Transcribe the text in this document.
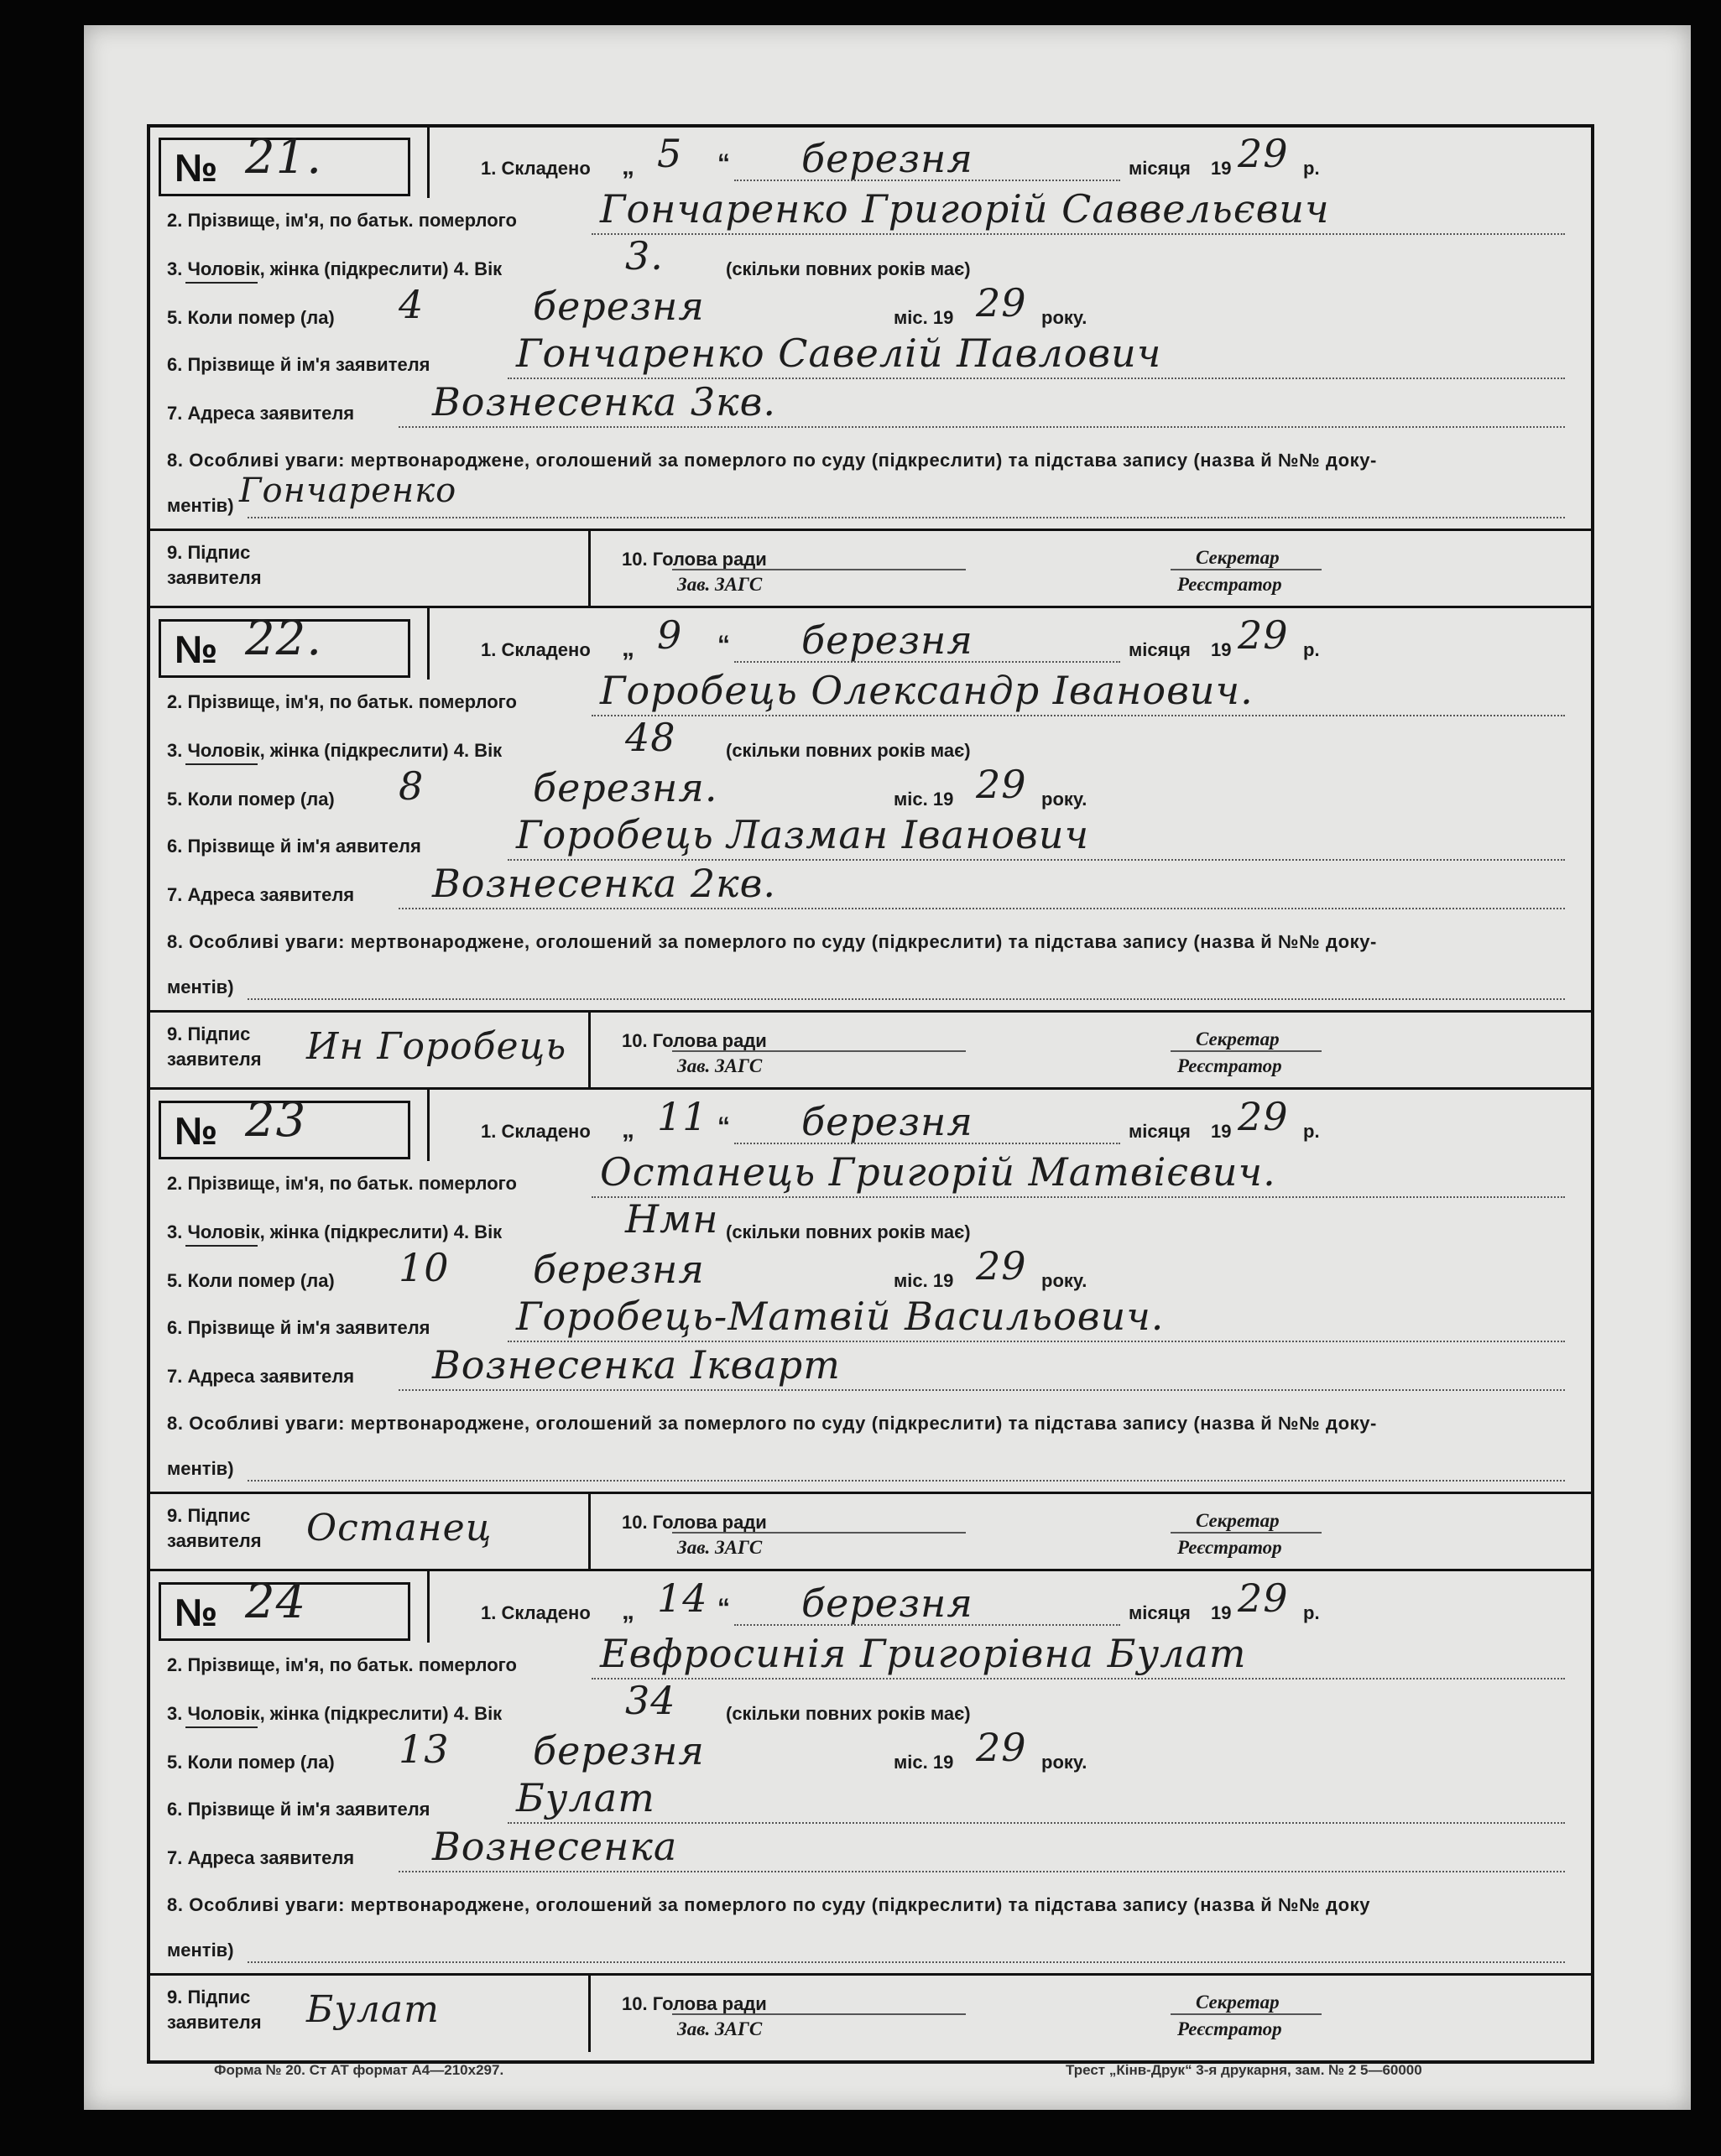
№ 21.	1. Складено „ 5 “ березня	місяця 19 29 р.
2. Прізвище, ім'я, по батьк. померлого Гончаренко Григорій Саввельєвич
3. Чоловік, жінка (підкреслити) 4. Вік	3.	(скільки повних років має)
5. Коли помер (ла) 4	березня	міс. 19 29 року.
6. Прізвище й ім'я заявителя Гончаренко Савелій Павлович
7. Адреса заявителя Вознесенка 3кв.
8. Особливі уваги: мертвонароджене, оголошений за померлого по суду (підкреслити) та підстава запису (назва й №№ доку-
ментів) Гончаренко
9. Підпис
заявителя
10. Голова ради
Зав. ЗАГС
Секретар
Реєстратор
№ 22.	1. Складено „ 9 “ березня	місяця 19 29 р.
2. Прізвище, ім'я, по батьк. померлого Горобець Олександр Іванович.
3. Чоловік, жінка (підкреслити) 4. Вік	48	(скільки повних років має)
5. Коли помер (ла) 8	березня.	міс. 19 29 року.
6. Прізвище й ім'я аявителя Горобець Лазман Іванович
7. Адреса заявителя Вознесенка 2кв.
8. Особливі уваги: мертвонароджене, оголошений за померлого по суду (підкреслити) та підстава запису (назва й №№ доку-
ментів)
9. Підпис
заявителя Ин Горобець	10. Голова ради
Зав. ЗАГС
Секретар
Реєстратор
№ 23	1. Складено „ 11 “ березня	місяця 19 29 р.
2. Прізвище, ім'я, по батьк. померлого Останець Григорій Матвієвич.
3. Чоловік, жінка (підкреслити) 4. Вік	Нмн (скільки повних років має)
5. Коли помер (ла) 10 березня	міс. 19 29 року.
6. Прізвище й ім'я заявителя Горобець-Матвій Васильович.
7. Адреса заявителя Вознесенка Ікварт
8. Особливі уваги: мертвонароджене, оголошений за померлого по суду (підкреслити) та підстава запису (назва й №№ доку-
ментів)
9. Підпис
заявителя Останец	10. Голова ради
Зав. ЗАГС
Секретар
Реєстратор
№ 24	1. Складено „ 14 “ березня	місяця 19 29 р.
2. Прізвище, ім'я, по батьк. померлого Евфросинія Григорівна Булат
3. Чоловік, жінка (підкреслити) 4. Вік	34	(скільки повних років має)
5. Коли помер (ла) 13 березня	міс. 19 29 року.
6. Прізвище й ім'я заявителя Булат
7. Адреса заявителя Вознесенка
8. Особливі уваги: мертвонароджене, оголошений за померлого по суду (підкреслити) та підстава запису (назва й №№ доку
ментів)
9. Підпис
заявителя Булат	10. Голова ради
Зав. ЗАГС
Секретар
Реєстратор
Форма № 20. Ст АТ формат А4—210х297.	Трест „Кінв-Друк“ 3-я друкарня, зам. № 2 5—60000
